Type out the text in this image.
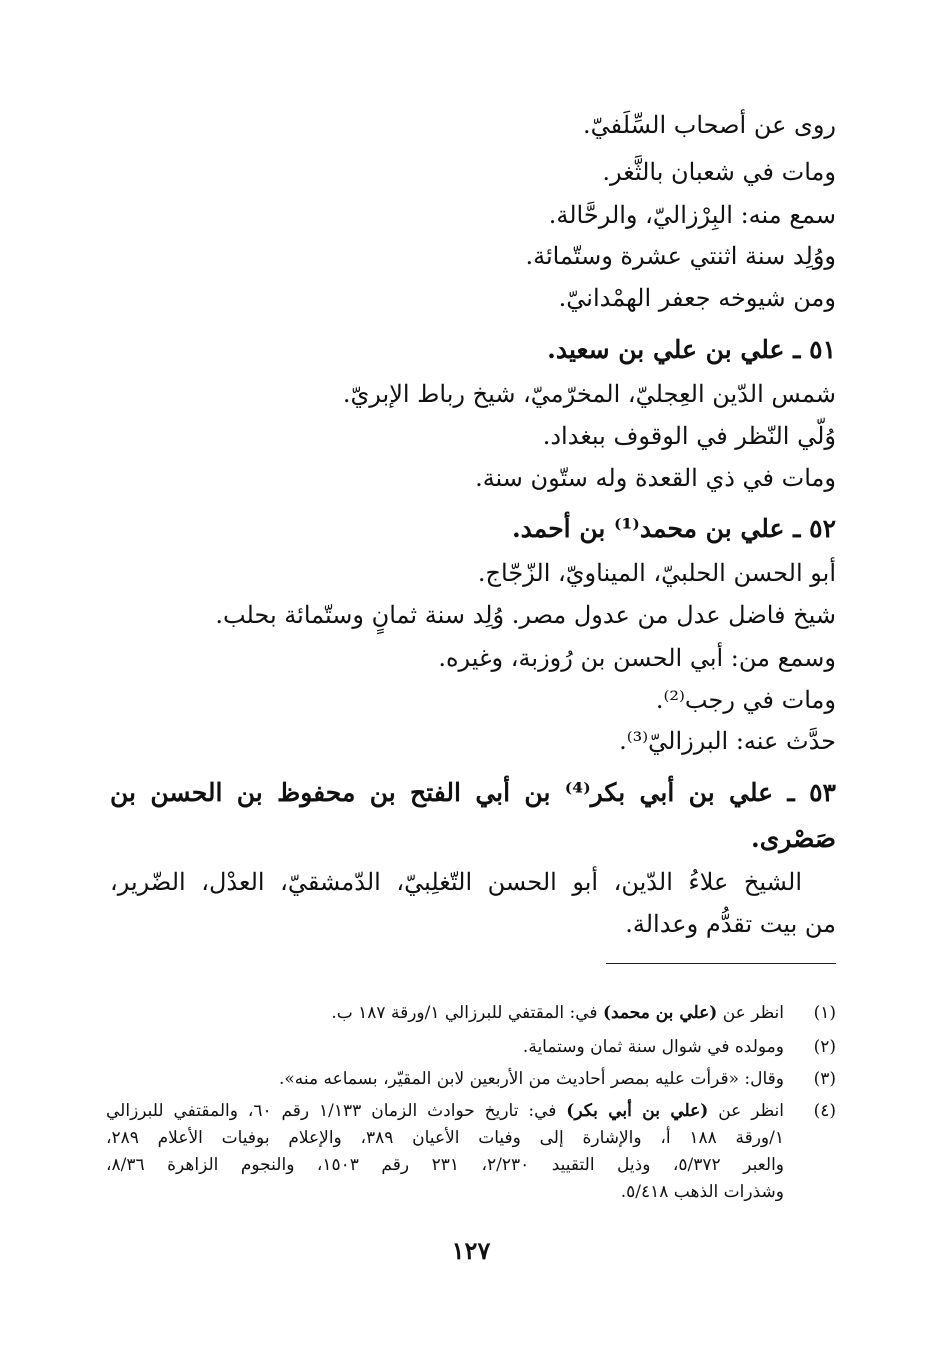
روى عن أصحاب السِّلَفيّ.
ومات في شعبان بالثَّغر.
سمع منه: البِرْزاليّ، والرحَّالة.
ووُلِد سنة اثنتي عشرة وستّمائة.
ومن شيوخه جعفر الهمْدانيّ.
٥١ ـ علي بن علي بن سعيد.
شمس الدّين العِجليّ، المخرّميّ، شيخ رباط الإبريّ.
وُلّي النّظر في الوقوف ببغداد.
ومات في ذي القعدة وله ستّون سنة.
٥٢ ـ علي بن محمد⁽¹⁾ بن أحمد.
أبو الحسن الحلبيّ، الميناويّ، الزّجّاج.
شيخ فاضل عدل من عدول مصر. وُلِد سنة ثمانٍ وستّمائة بحلب.
وسمع من: أبي الحسن بن رُوزبة، وغيره.
ومات في رجب⁽²⁾.
حدَّث عنه: البرزاليّ⁽³⁾.
٥٣ ـ علي بن أبي بكر⁽⁴⁾ بن أبي الفتح بن محفوظ بن الحسن بن
صَصْرى.
الشيخ علاءُ الدّين، أبو الحسن التّغلِبيّ، الدّمشقيّ، العدْل، الضّرير،
من بيت تقدُّم وعدالة.
(١)
انظر عن (علي بن محمد) في: المقتفي للبرزالي ١/ورقة ١٨٧ ب.
(٢)
ومولده في شوال سنة ثمان وستماية.
(٣)
وقال: «قرأت عليه بمصر أحاديث من الأربعين لابن المقيّر، بسماعه منه».
(٤)
انظر عن (علي بن أبي بكر) في: تاريخ حوادث الزمان ١/١٣٣ رقم ٦٠، والمقتفي للبرزالي
١/ورقة ١٨٨ أ، والإشارة إلى وفيات الأعيان ٣٨٩، والإعلام بوفيات الأعلام ٢٨٩،
والعبر ٥/٣٧٢، وذيل التقييد ٢/٢٣٠، ٢٣١ رقم ١٥٠٣، والنجوم الزاهرة ٨/٣٦،
وشذرات الذهب ٥/٤١٨.
١٢٧
